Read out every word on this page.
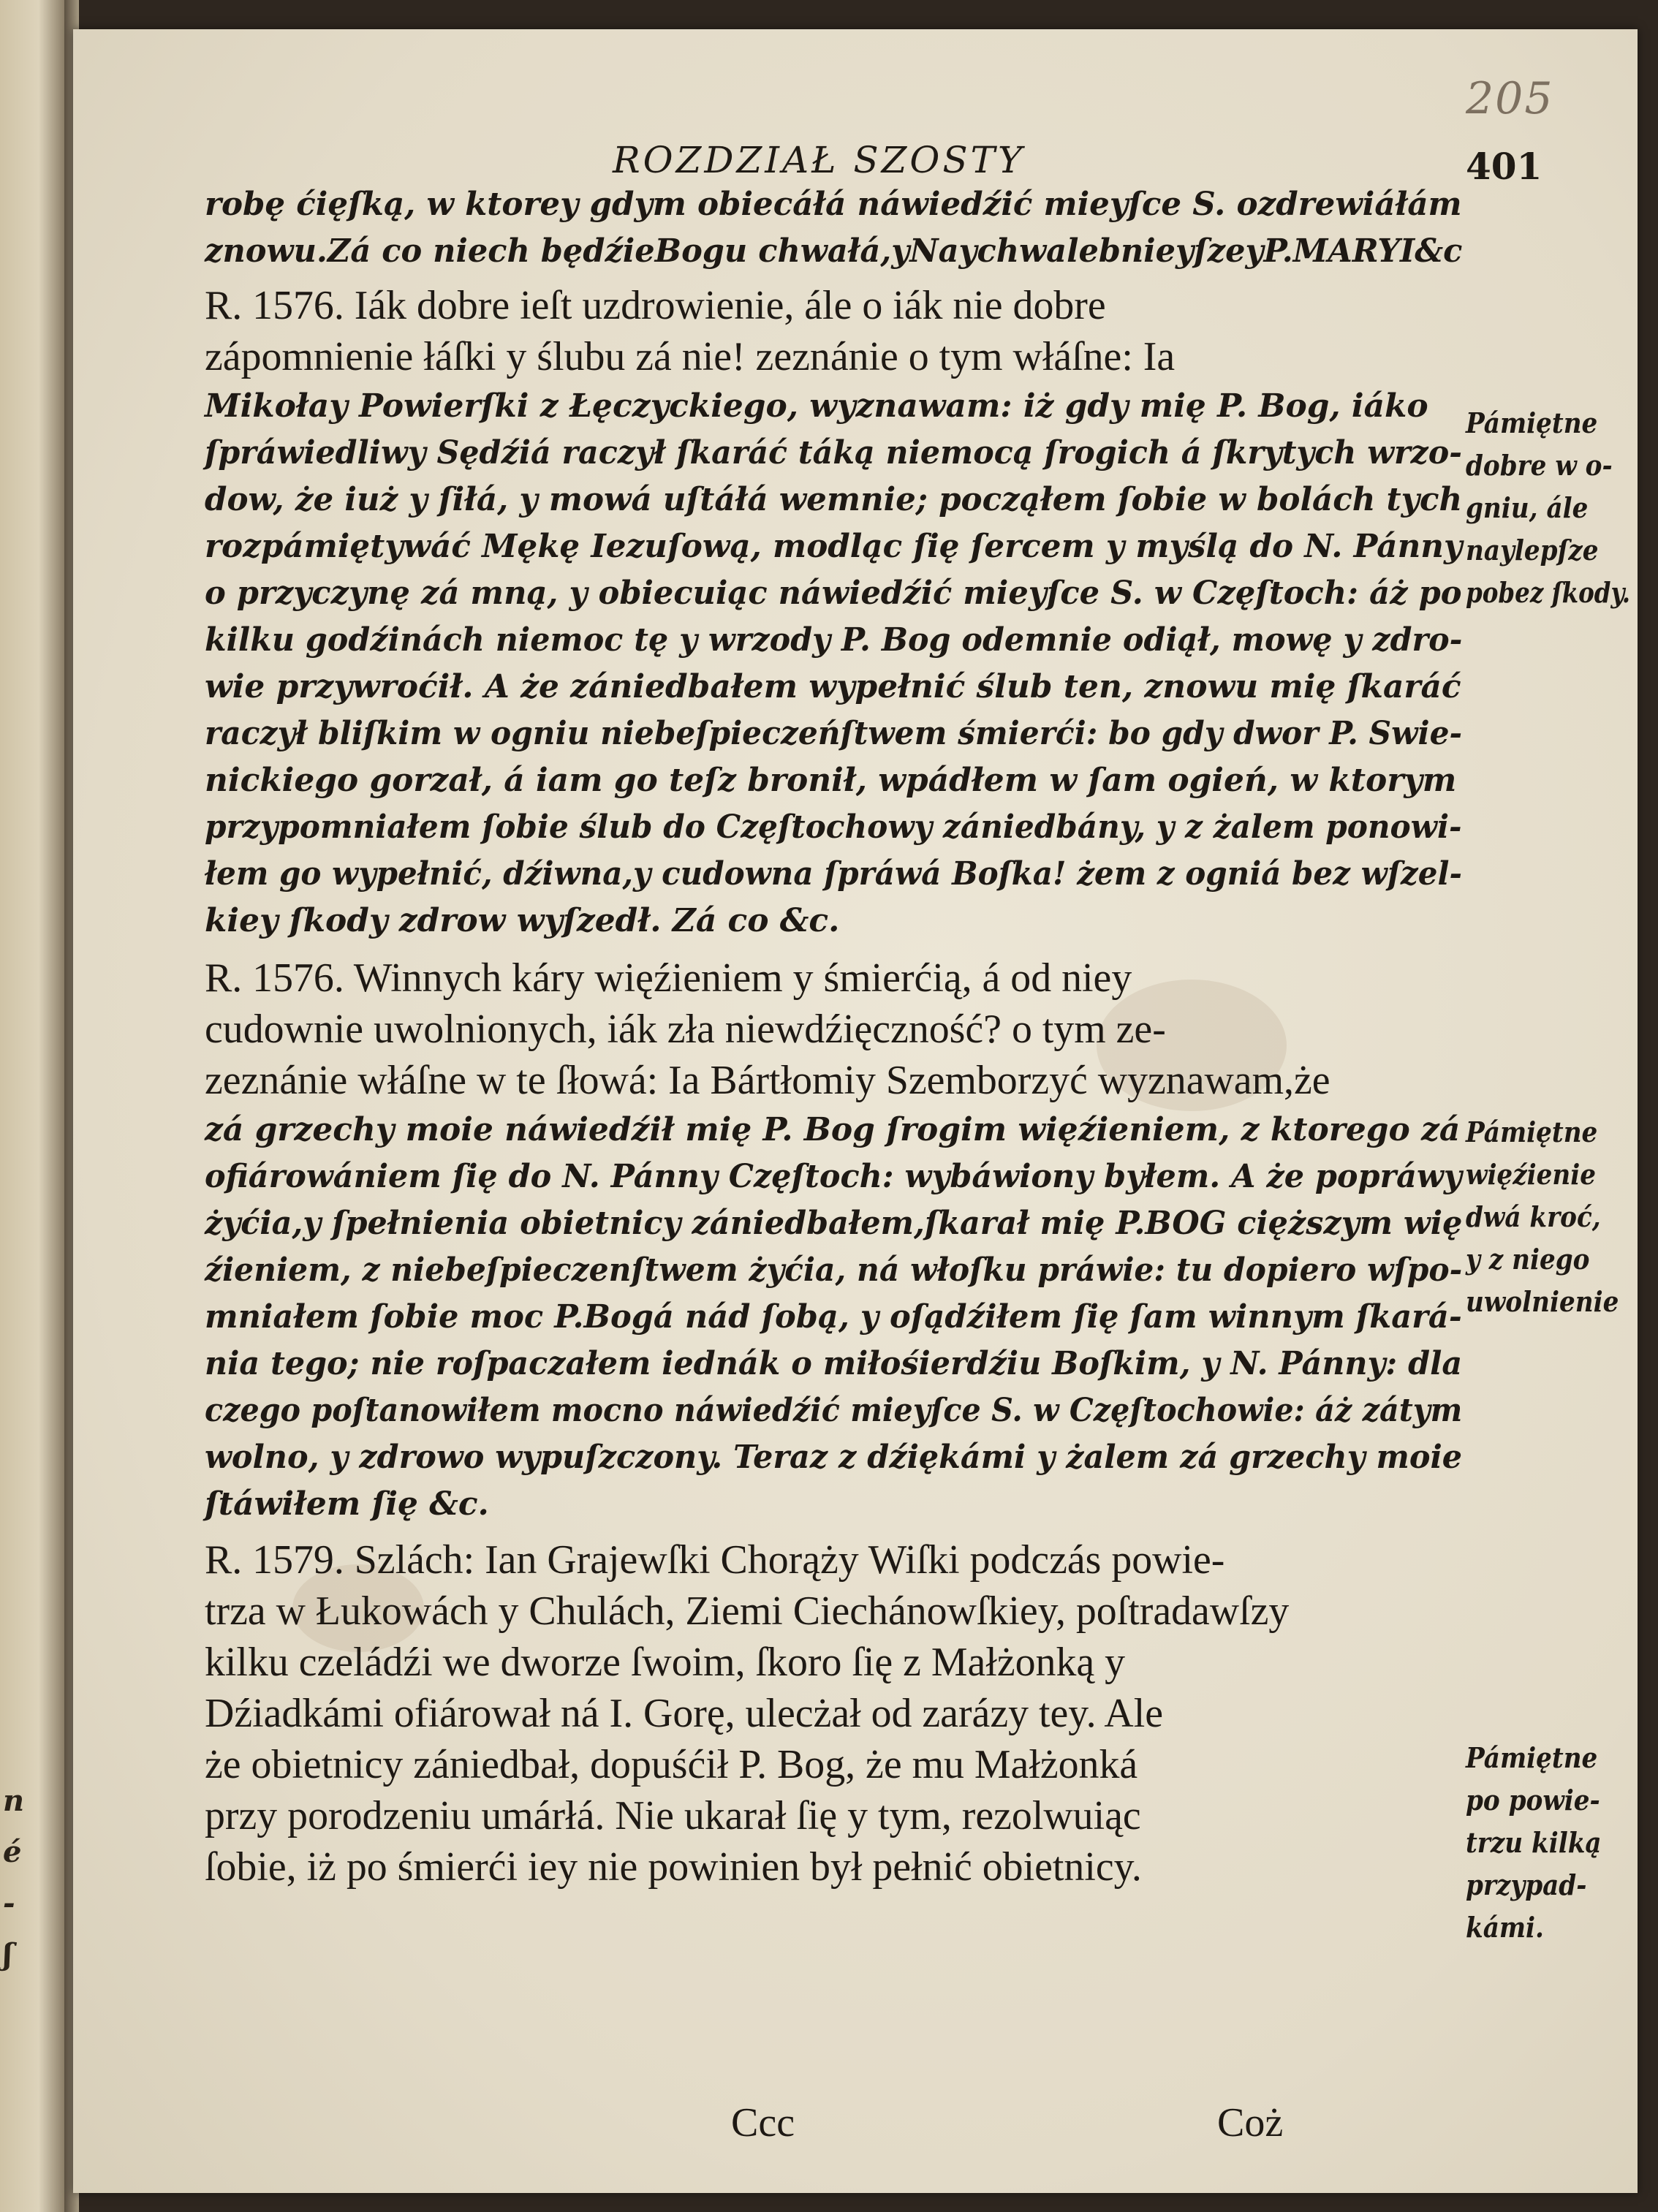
n
é
-
ʃ
205
ROZDZIAŁ SZOSTY	401
robę ćięſką, w ktorey gdym obiecáłá náwiedźić mieyſce S. ozdrewiáłám
znowu.Zá co niech będźieBogu chwałá,yNaychwalebnieyſzeyP.MARYI&c
R. 1576. Iák dobre ieſt uzdrowienie, ále o iák nie dobre
zápomnienie łáſki y ślubu zá nie! zeznánie o tym włáſne: Ia
Mikołay Powierſki z Łęczyckiego, wyznawam: iż gdy mię P. Bog, iáko
ſpráwiedliwy Sędźiá raczył ſkaráć táką niemocą ſrogich á ſkrytych wrzo-
dow, że iuż y ſiłá, y mowá uſtáłá wemnie; począłem ſobie w bolách tych
rozpámiętywáć Mękę Iezuſową, modląc ſię ſercem y myślą do N. Pánny
o przyczynę zá mną, y obiecuiąc náwiedźić mieyſce S. w Częſtoch: áż po
kilku godźinách niemoc tę y wrzody P. Bog odemnie odiął, mowę y zdro-
wie przywroćił. A że zániedbałem wypełnić ślub ten, znowu mię ſkaráć
raczył bliſkim w ogniu niebeſpieczeńſtwem śmierći: bo gdy dwor P. Swie-
nickiego gorzał, á iam go teſz bronił, wpádłem w ſam ogień, w ktorym
przypomniałem ſobie ślub do Częſtochowy zániedbány, y z żalem ponowi-
łem go wypełnić, dźiwna,y cudowna ſpráwá Boſka! żem z ogniá bez wſzel-
kiey ſkody zdrow wyſzedł. Zá co &c.
R. 1576. Winnych káry więźieniem y śmierćią, á od niey
cudownie uwolnionych, iák zła niewdźięczność? o tym ze-
zeznánie włáſne w te ſłowá: Ia Bártłomiy Szemborzyć wyznawam,że
zá grzechy moie náwiedźił mię P. Bog ſrogim więźieniem, z ktorego zá
ofiárowániem ſię do N. Pánny Częſtoch: wybáwiony byłem. A że popráwy
żyćia,y ſpełnienia obietnicy zániedbałem,ſkarał mię P.BOG cięższym wię
źieniem, z niebeſpieczenſtwem żyćia, ná włoſku práwie: tu dopiero wſpo-
mniałem ſobie moc P.Bogá nád ſobą, y oſądźiłem ſię ſam winnym ſkará-
nia tego; nie roſpaczałem iednák o miłośierdźiu Boſkim, y N. Pánny: dla
czego poſtanowiłem mocno náwiedźić mieyſce S. w Częſtochowie: áż zátym
wolno, y zdrowo wypuſzczony. Teraz z dźiękámi y żalem zá grzechy moie
ſtáwiłem ſię &c.
R. 1579. Szlách: Ian Grajewſki Chorąży Wiſki podczás powie-
trza w Łukowách y Chulách, Ziemi Ciechánowſkiey, poſtradawſzy
kilku czeládźi we dworze ſwoim, ſkoro ſię z Małżonką y
Dźiadkámi ofiárował ná I. Gorę, ulecżał od zarázy tey. Ale
że obietnicy zániedbał, dopuśćił P. Bog, że mu Małżonká
przy porodzeniu umárłá. Nie ukarał ſię y tym, rezolwuiąc
ſobie, iż po śmierći iey nie powinien był pełnić obietnicy.
Pámiętne
dobre w o-
gniu, ále
naylepſze
pobez ſkody.
Pámiętne
więźienie
dwá kroć,
y z niego
uwolnienie
Pámiętne
po powie-
trzu kilką
przypad-
kámi.
Ccc	Coż
